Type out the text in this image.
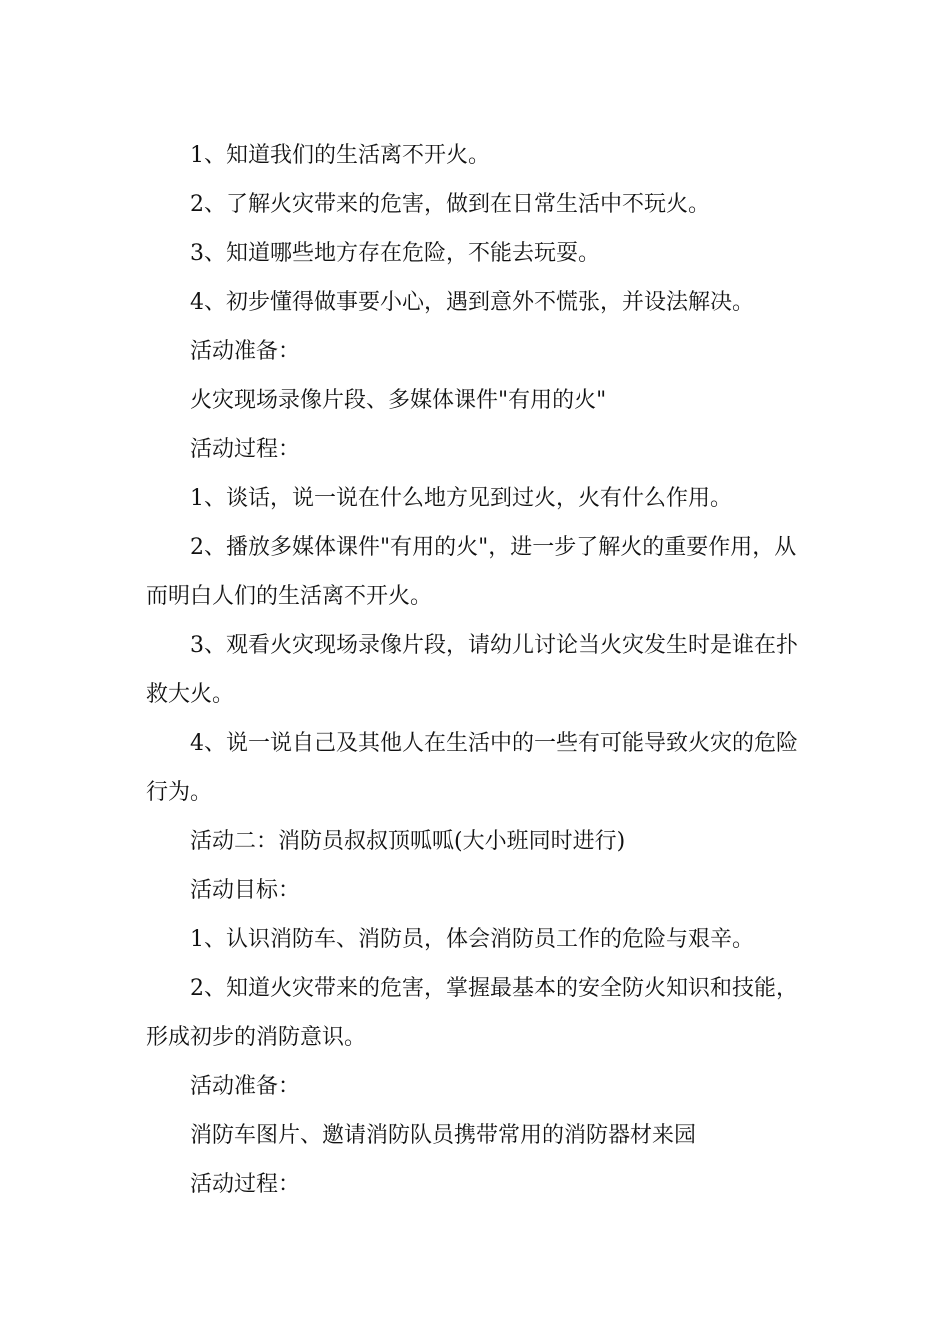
1、知道我们的生活离不开火。

2、了解火灾带来的危害，做到在日常生活中不玩火。

3、知道哪些地方存在危险，不能去玩耍。

4、初步懂得做事要小心，遇到意外不慌张，并设法解决。

活动准备：

火灾现场录像片段、多媒体课件"有用的火"

活动过程：

1、谈话，说一说在什么地方见到过火，火有什么作用。

2、播放多媒体课件"有用的火"，进一步了解火的重要作用，从而明白人们的生活离不开火。

3、观看火灾现场录像片段，请幼儿讨论当火灾发生时是谁在扑救大火。

4、说一说自己及其他人在生活中的一些有可能导致火灾的危险行为。

活动二：消防员叔叔顶呱呱(大小班同时进行)

活动目标：

1、认识消防车、消防员，体会消防员工作的危险与艰辛。

2、知道火灾带来的危害，掌握最基本的安全防火知识和技能，形成初步的消防意识。

活动准备：

消防车图片、邀请消防队员携带常用的消防器材来园

活动过程：
